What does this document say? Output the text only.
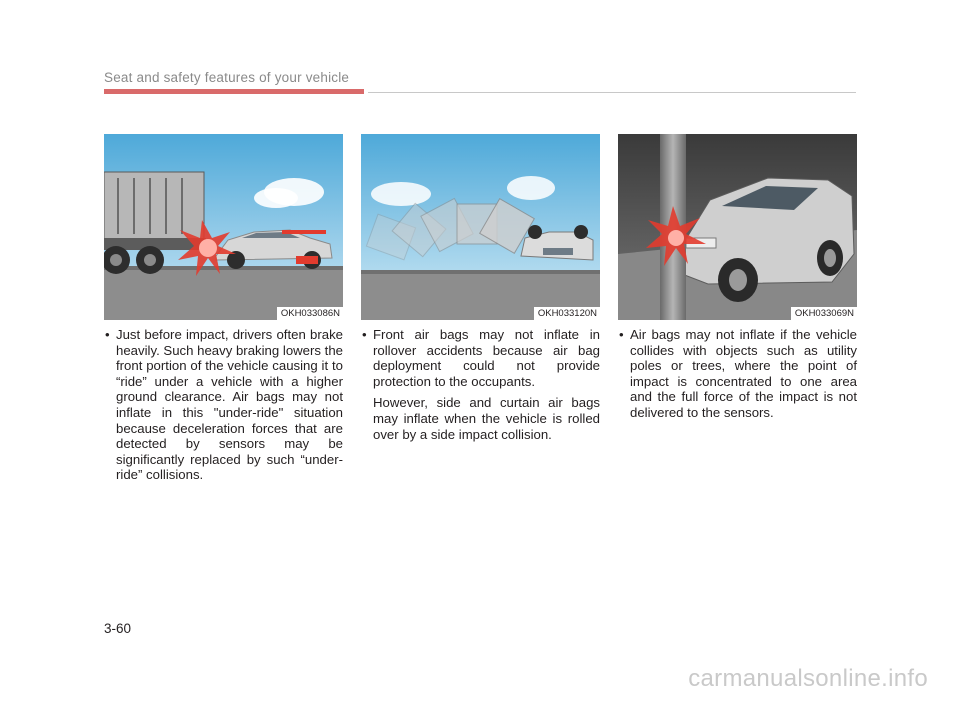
Seat and safety features of your vehicle
OKH033086N	OKH033120N	OKH033069N

• Just before impact, drivers often brake heavily. Such heavy braking lowers the front portion of the vehicle causing it to “ride” under a vehicle with a higher ground clearance. Air bags may not inflate in this "under-ride" situation because deceleration forces that are detected by sensors may be significantly replaced by such “under-ride” collisions.

• Front air bags may not inflate in rollover accidents because air bag deployment could not provide protection to the occupants.

However, side and curtain air bags may inflate when the vehicle is rolled over by a side impact collision.

• Air bags may not inflate if the vehicle collides with objects such as utility poles or trees, where the point of impact is concentrated to one area and the full force of the impact is not delivered to the sensors.

3-60
carmanualsonline.info
